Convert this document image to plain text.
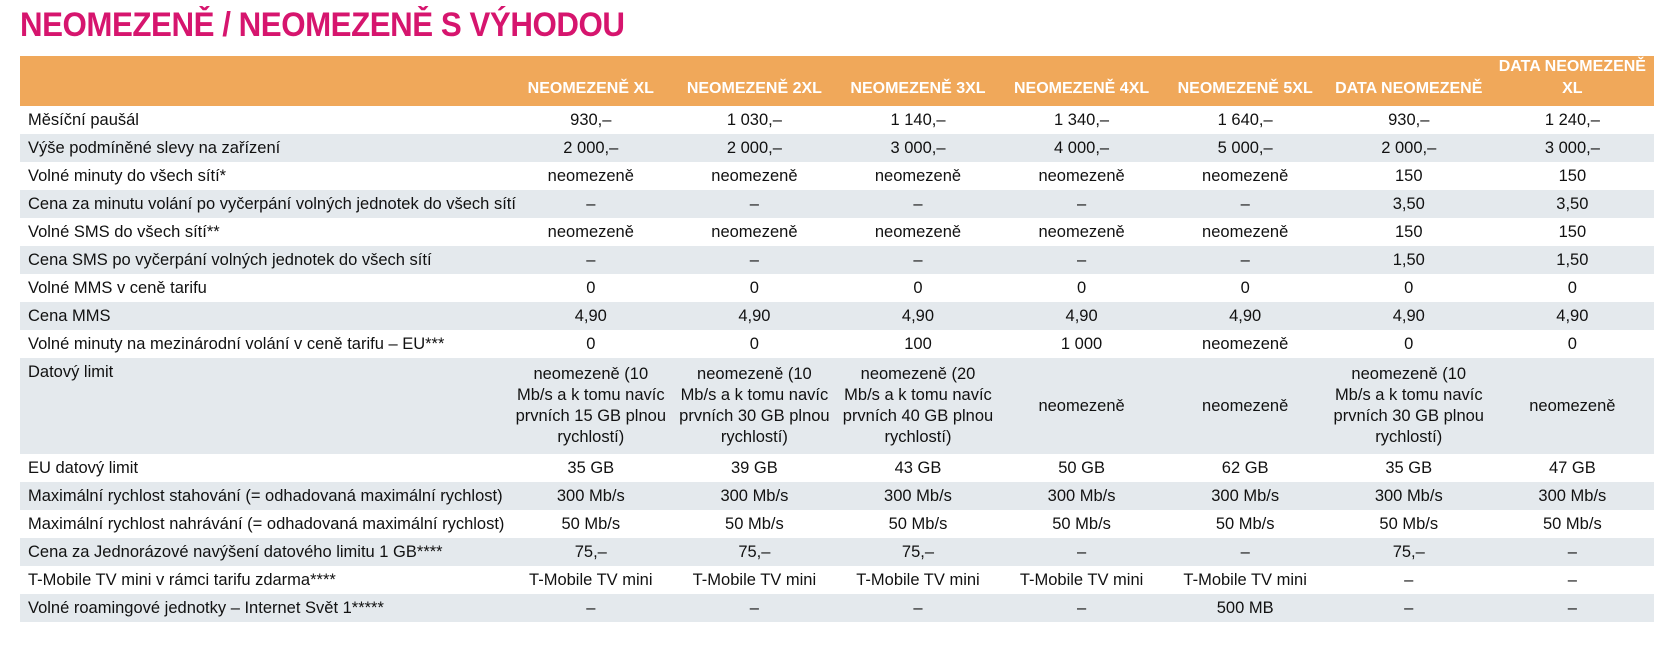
NEOMEZENĚ / NEOMEZENĚ S VÝHODOU
	NEOMEZENĚ XL	NEOMEZENĚ 2XL	NEOMEZENĚ 3XL	NEOMEZENĚ 4XL	NEOMEZENĚ 5XL	DATA NEOMEZENĚ	DATA NEOMEZENĚ XL
Měsíční paušál	930,–	1 030,–	1 140,–	1 340,–	1 640,–	930,–	1 240,–
Výše podmíněné slevy na zařízení	2 000,–	2 000,–	3 000,–	4 000,–	5 000,–	2 000,–	3 000,–
Volné minuty do všech sítí*	neomezeně	neomezeně	neomezeně	neomezeně	neomezeně	150	150
Cena za minutu volání po vyčerpání volných jednotek do všech sítí	–	–	–	–	–	3,50	3,50
Volné SMS do všech sítí**	neomezeně	neomezeně	neomezeně	neomezeně	neomezeně	150	150
Cena SMS po vyčerpání volných jednotek do všech sítí	–	–	–	–	–	1,50	1,50
Volné MMS v ceně tarifu	0	0	0	0	0	0	0
Cena MMS	4,90	4,90	4,90	4,90	4,90	4,90	4,90
Volné minuty na mezinárodní volání v ceně tarifu – EU***	0	0	100	1 000	neomezeně	0	0
Datový limit	neomezeně (10 Mb/s a k tomu navíc prvních 15 GB plnou rychlostí)	neomezeně (10 Mb/s a k tomu navíc prvních 30 GB plnou rychlostí)	neomezeně (20 Mb/s a k tomu navíc prvních 40 GB plnou rychlostí)	neomezeně	neomezeně	neomezeně (10 Mb/s a k tomu navíc prvních 30 GB plnou rychlostí)	neomezeně
EU datový limit	35 GB	39 GB	43 GB	50 GB	62 GB	35 GB	47 GB
Maximální rychlost stahování (= odhadovaná maximální rychlost)	300 Mb/s	300 Mb/s	300 Mb/s	300 Mb/s	300 Mb/s	300 Mb/s	300 Mb/s
Maximální rychlost nahrávání (= odhadovaná maximální rychlost)	50 Mb/s	50 Mb/s	50 Mb/s	50 Mb/s	50 Mb/s	50 Mb/s	50 Mb/s
Cena za Jednorázové navýšení datového limitu 1 GB****	75,–	75,–	75,–	–	–	75,–	–
T-Mobile TV mini v rámci tarifu zdarma****	T-Mobile TV mini	T-Mobile TV mini	T-Mobile TV mini	T-Mobile TV mini	T-Mobile TV mini	–	–
Volné roamingové jednotky – Internet Svět 1*****	–	–	–	–	500 MB	–	–
